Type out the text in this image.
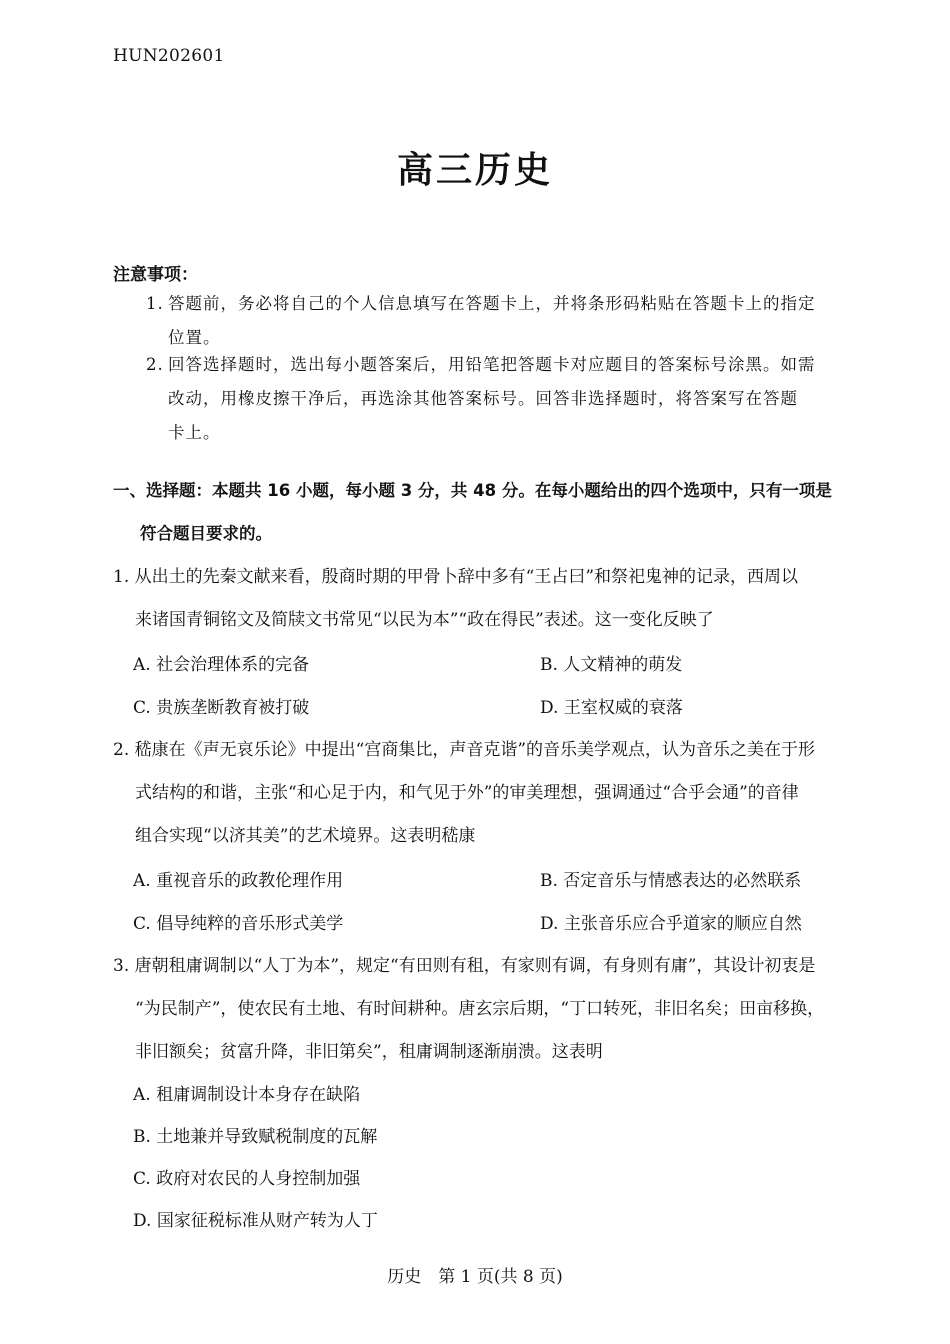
HUN202601
高三历史
注意事项：
1. 答题前，务必将自己的个人信息填写在答题卡上，并将条形码粘贴在答题卡上的指定
位置。
2. 回答选择题时，选出每小题答案后，用铅笔把答题卡对应题目的答案标号涂黑。如需
改动，用橡皮擦干净后，再选涂其他答案标号。回答非选择题时，将答案写在答题
卡上。
一、选择题：本题共 16 小题，每小题 3 分，共 48 分。在每小题给出的四个选项中，只有一项是
符合题目要求的。
1. 从出土的先秦文献来看，殷商时期的甲骨卜辞中多有“王占曰”和祭祀鬼神的记录，西周以
来诸国青铜铭文及简牍文书常见“以民为本”“政在得民”表述。这一变化反映了
A. 社会治理体系的完备	B. 人文精神的萌发
C. 贵族垄断教育被打破	D. 王室权威的衰落
2. 嵇康在《声无哀乐论》中提出“宫商集比，声音克谐”的音乐美学观点，认为音乐之美在于形
式结构的和谐，主张“和心足于内，和气见于外”的审美理想，强调通过“合乎会通”的音律
组合实现“以济其美”的艺术境界。这表明嵇康
A. 重视音乐的政教伦理作用	B. 否定音乐与情感表达的必然联系
C. 倡导纯粹的音乐形式美学	D. 主张音乐应合乎道家的顺应自然
3. 唐朝租庸调制以“人丁为本”，规定“有田则有租，有家则有调，有身则有庸”，其设计初衷是
“为民制产”，使农民有土地、有时间耕种。唐玄宗后期，“丁口转死，非旧名矣；田亩移换，
非旧额矣；贫富升降，非旧第矣”，租庸调制逐渐崩溃。这表明
A. 租庸调制设计本身存在缺陷
B. 土地兼并导致赋税制度的瓦解
C. 政府对农民的人身控制加强
D. 国家征税标准从财产转为人丁
历史　第 1 页(共 8 页)
